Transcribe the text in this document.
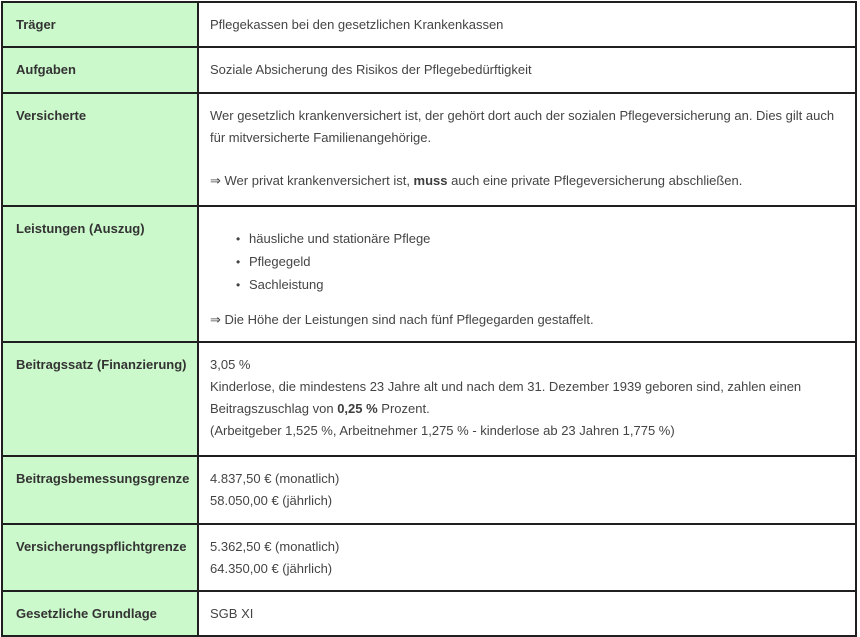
Träger	Pflegekassen bei den gesetzlichen Krankenkassen

Aufgaben	Soziale Absicherung des Risikos der Pflegebedürftigkeit

Versicherte	Wer gesetzlich krankenversichert ist, der gehört dort auch der sozialen Pflegeversicherung an. Dies gilt auch
für mitversicherte Familienangehörige.
⇒ Wer privat krankenversichert ist, muss auch eine private Pflegeversicherung abschließen.

Leistungen (Auszug)	
• häusliche und stationäre Pflege
• Pflegegeld
• Sachleistung
⇒ Die Höhe der Leistungen sind nach fünf Pflegegarden gestaffelt.

Beitragssatz (Finanzierung)	3,05 %
Kinderlose, die mindestens 23 Jahre alt und nach dem 31. Dezember 1939 geboren sind, zahlen einen
Beitragszuschlag von 0,25 % Prozent.
(Arbeitgeber 1,525 %, Arbeitnehmer 1,275 % - kinderlose ab 23 Jahren 1,775 %)

Beitragsbemessungsgrenze	4.837,50 € (monatlich)
58.050,00 € (jährlich)

Versicherungspflichtgrenze	5.362,50 € (monatlich)
64.350,00 € (jährlich)

Gesetzliche Grundlage	SGB XI
